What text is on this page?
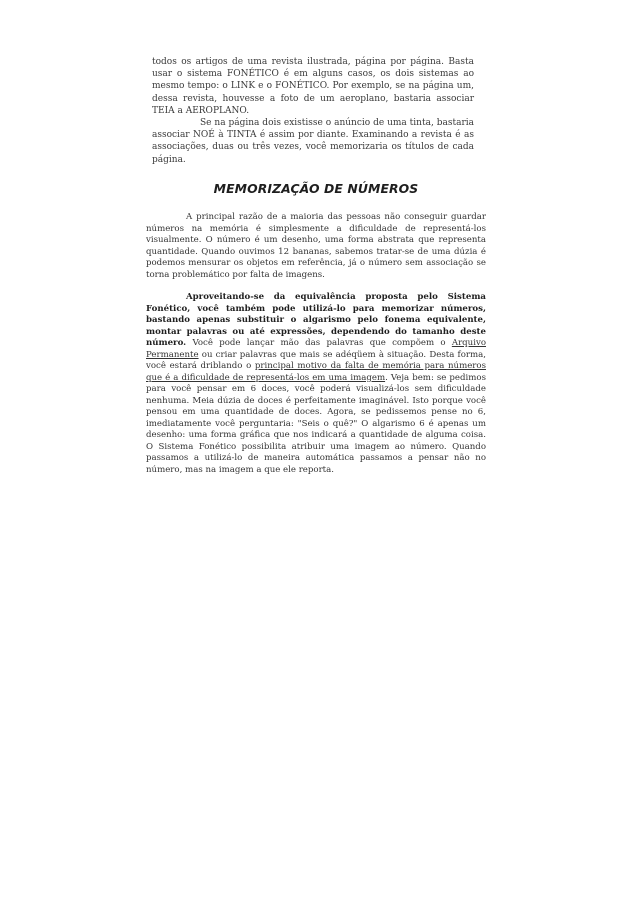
todos os artigos de uma revista ilustrada, página por página. Basta usar o sistema FONÉTICO é em alguns casos, os dois sistemas ao mesmo tempo: o LINK e o FONÉTICO. Por exemplo, se na página um, dessa revista, houvesse a foto de um aeroplano, bastaria associar TEIA a AEROPLANO.

Se na página dois existisse o anúncio de uma tinta, bastaria associar NOÉ à TINTA é assim por diante. Examinando a revista é as associações, duas ou três vezes, você memorizaria os títulos de cada página.

MEMORIZAÇÃO DE NÚMEROS

A principal razão de a maioria das pessoas não conseguir guardar números na memória é simplesmente a dificuldade de representá-los visualmente. O número é um desenho, uma forma abstrata que representa quantidade. Quando ouvimos 12 bananas, sabemos tratar-se de uma dúzia é podemos mensurar os objetos em referência, já o número sem associação se torna problemático por falta de imagens.

Aproveitando-se da equivalência proposta pelo Sistema Fonético, você também pode utilizá-lo para memorizar números, bastando apenas substituir o algarismo pelo fonema equivalente, montar palavras ou até expressões, dependendo do tamanho deste número. Você pode lançar mão das palavras que compõem o Arquivo Permanente ou criar palavras que mais se adéqüem à situação. Desta forma, você estará driblando o principal motivo da falta de memória para números que é a dificuldade de representá-los em uma imagem. Veja bem: se pedimos para você pensar em 6 doces, você poderá visualizá-los sem dificuldade nenhuma. Meia dúzia de doces é perfeitamente imaginável. Isto porque você pensou em uma quantidade de doces. Agora, se pedissemos pense no 6, imediatamente você perguntaria: "Seis o quê?" O algarismo 6 é apenas um desenho: uma forma gráfica que nos indicará a quantidade de alguma coisa. O Sistema Fonético possibilita atribuir uma imagem ao número. Quando passamos a utilizá-lo de maneira automática passamos a pensar não no número, mas na imagem a que ele reporta.
